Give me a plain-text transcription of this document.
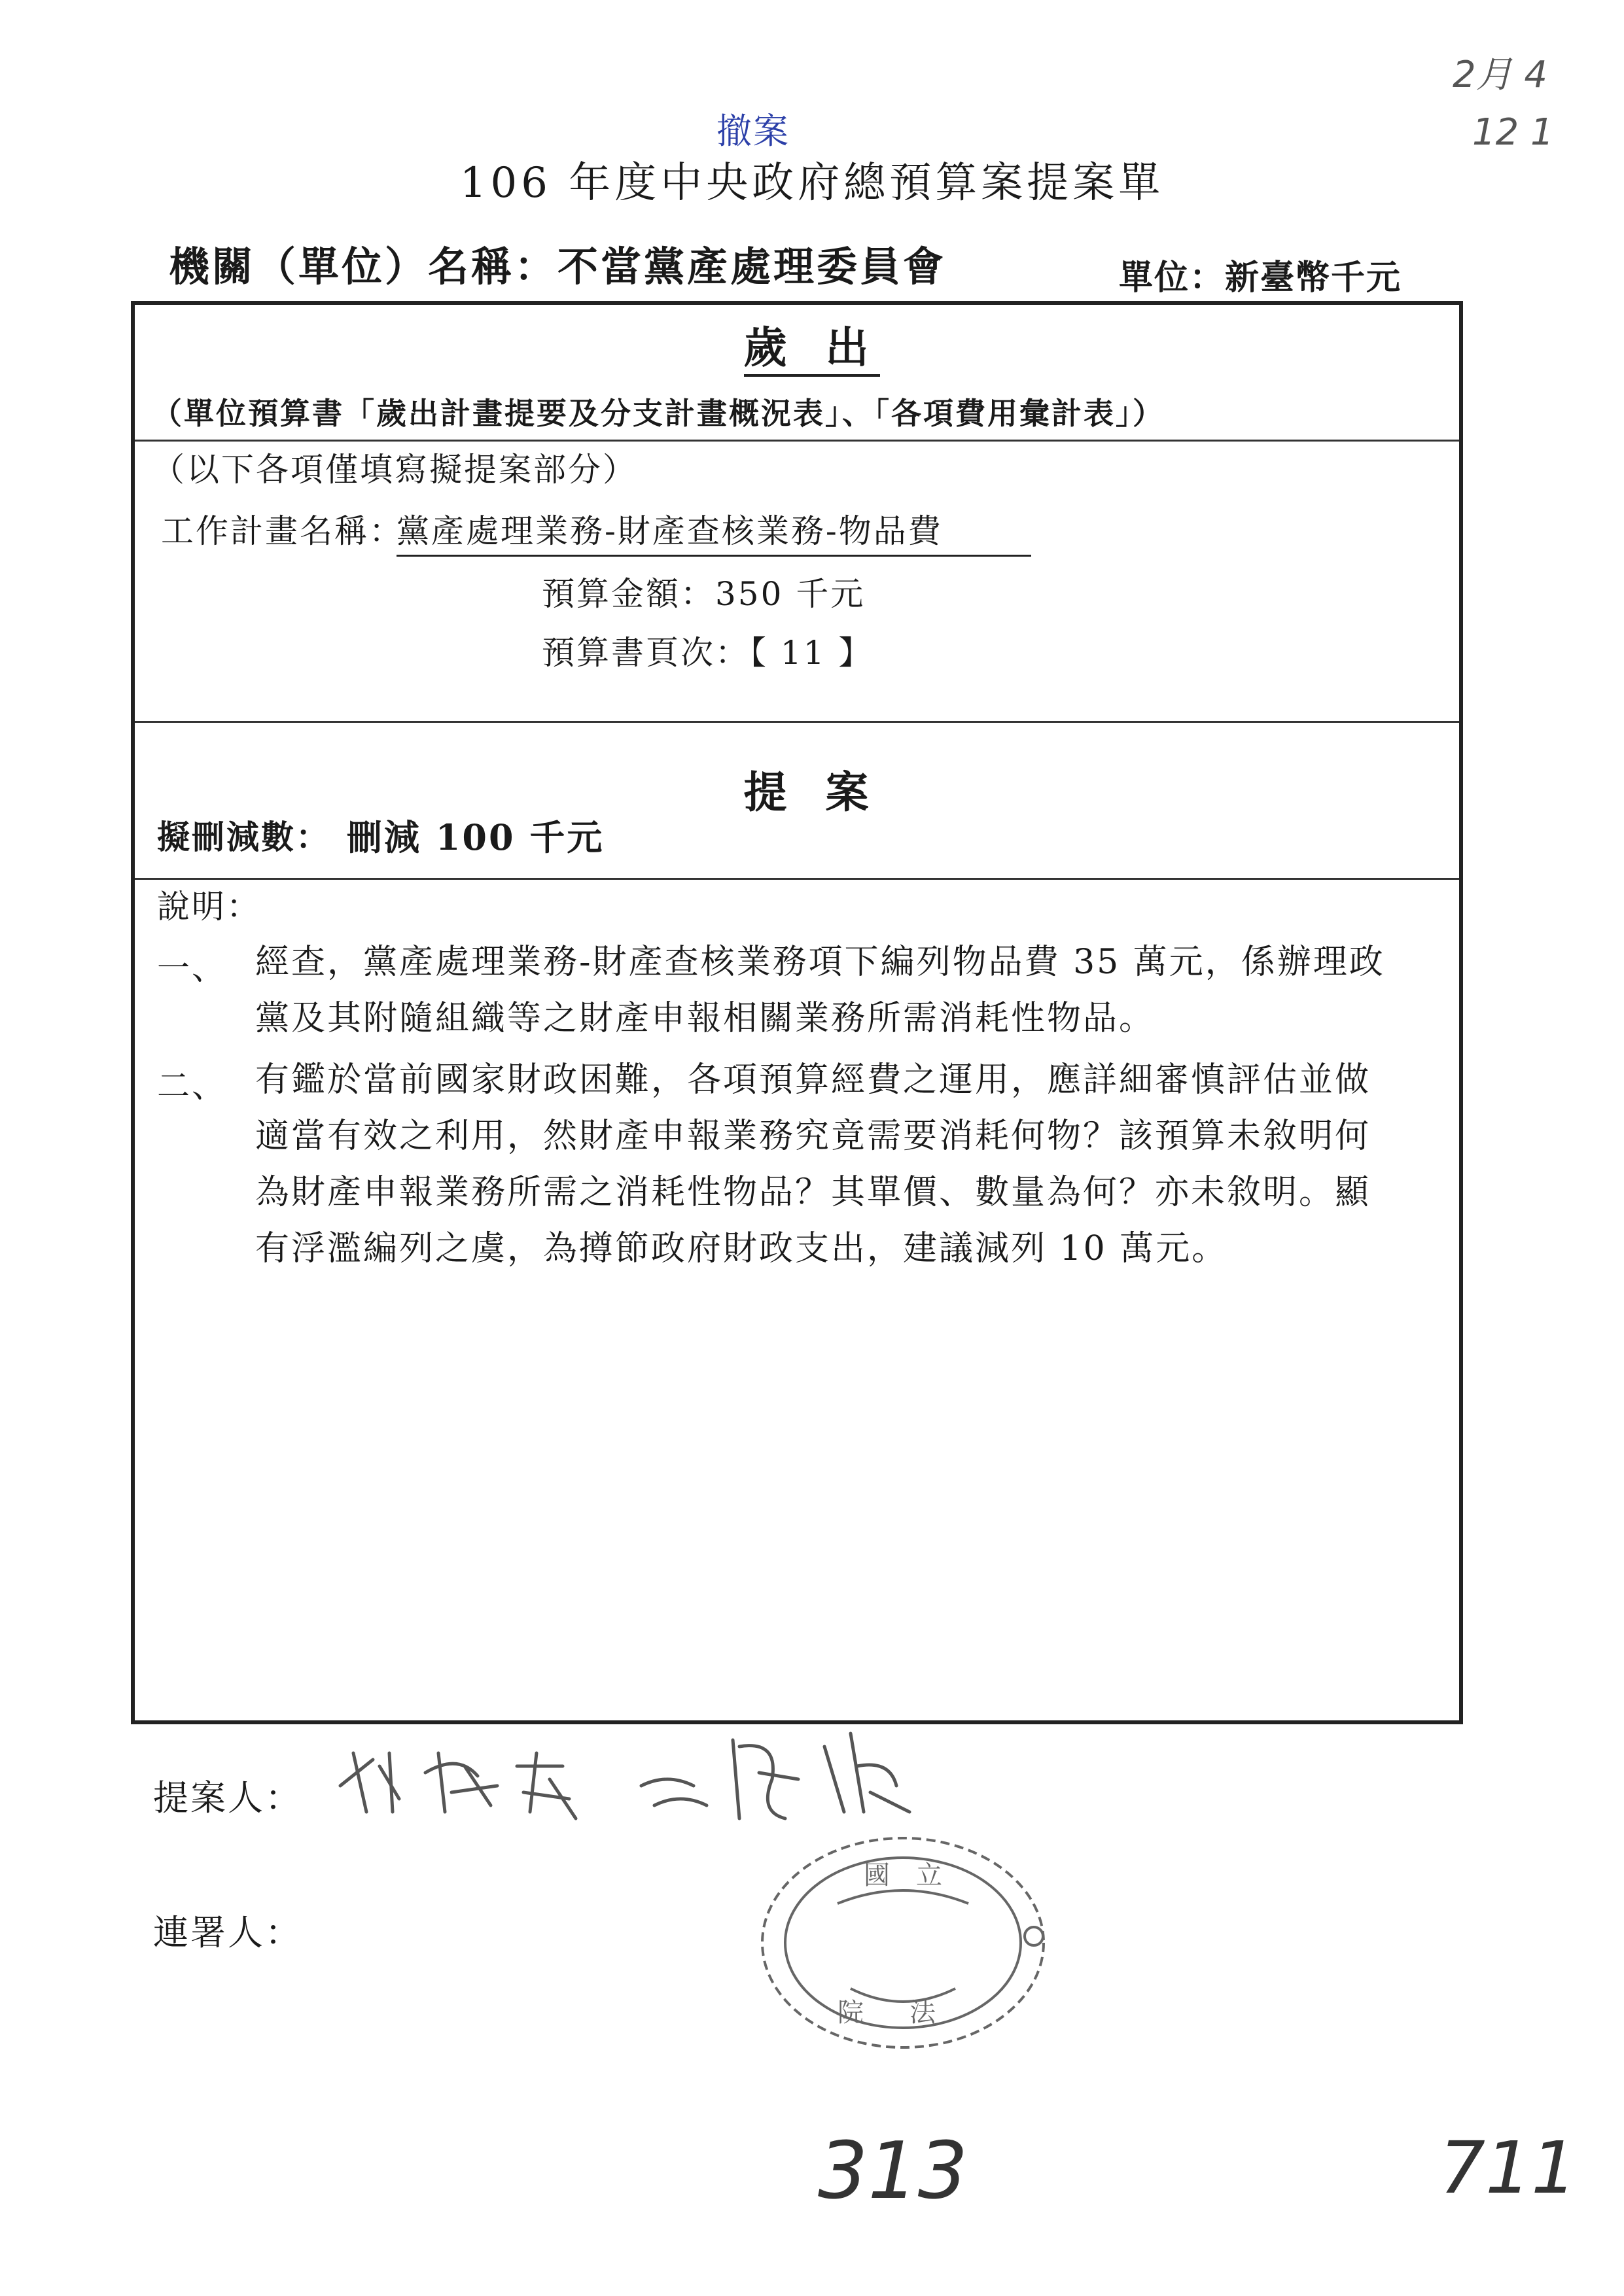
撤案
2月 4
12 1
106 年度中央政府總預算案提案單
機關（單位）名稱：不當黨產處理委員會	單位：新臺幣千元
歲 出
（單位預算書「歲出計畫提要及分支計畫概況表」、「各項費用彙計表」）
（以下各項僅填寫擬提案部分）
工作計畫名稱：
黨產處理業務-財產查核業務-物品費
預算金額：350 千元
預算書頁次：【 11 】
提 案
擬刪減數： 刪減 100 千元
說明：
一、 經查，黨產處理業務-財產查核業務項下編列物品費 35 萬元，係辦理政
黨及其附隨組織等之財產申報相關業務所需消耗性物品。
二、 有鑑於當前國家財政困難，各項預算經費之運用，應詳細審慎評估並做
適當有效之利用，然財產申報業務究竟需要消耗何物？該預算未敘明何
為財產申報業務所需之消耗性物品？其單價、數量為何？亦未敘明。顯
有浮濫編列之虞，為撙節政府財政支出，建議減列 10 萬元。
提案人：
連署人：
國 立
院 法
313	711
